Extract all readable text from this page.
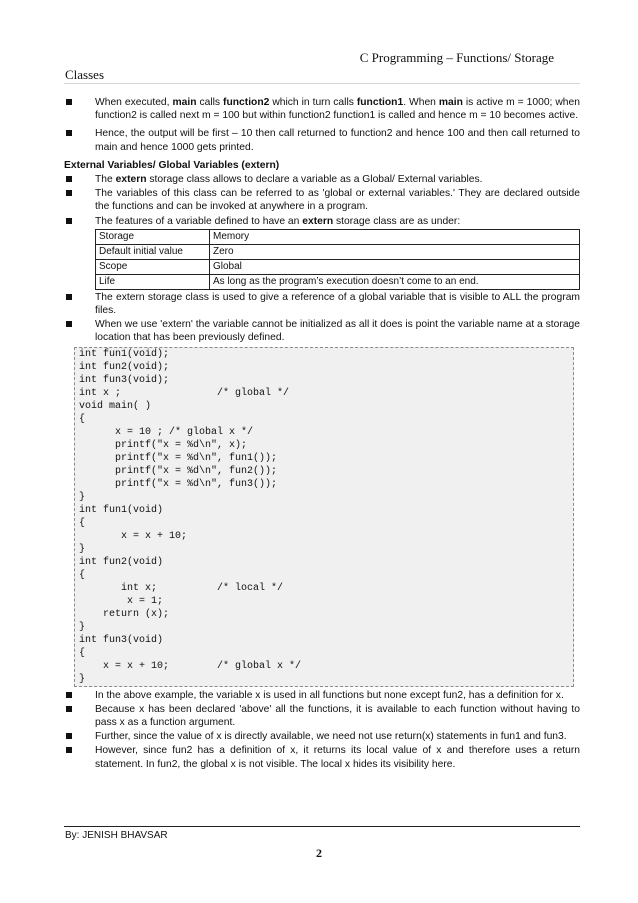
C Programming – Functions/ Storage
Classes
When executed, main calls function2 which in turn calls function1. When main is active m = 1000; when function2 is called next m = 100 but within function2 function1 is called and hence m = 10 becomes active.
Hence, the output will be first – 10 then call returned to function2 and hence 100 and then call returned to main and hence 1000 gets printed.
External Variables/ Global Variables (extern)
The extern storage class allows to declare a variable as a Global/ External variables.
The variables of this class can be referred to as 'global or external variables.' They are declared outside the functions and can be invoked at anywhere in a program.
The features of a variable defined to have an extern storage class are as under:
Storage	Memory
Default initial value	Zero
Scope	Global
Life	As long as the program’s execution doesn’t come to an end.
The extern storage class is used to give a reference of a global variable that is visible to ALL the program files.
When we use 'extern' the variable cannot be initialized as all it does is point the variable name at a storage location that has been previously defined.
int fun1(void);
int fun2(void);
int fun3(void);
int x ;                /* global */
void main( )
{
x = 10 ; /* global x */
printf("x = %d\n", x);
printf("x = %d\n", fun1());
printf("x = %d\n", fun2());
printf("x = %d\n", fun3());
}
int fun1(void)
{
x = x + 10;
}
int fun2(void)
{
int x;          /* local */
x = 1;
return (x);
}
int fun3(void)
{
x = x + 10;        /* global x */
}
In the above example, the variable x is used in all functions but none except fun2, has a definition for x.
Because x has been declared 'above' all the functions, it is available to each function without having to pass x as a function argument.
Further, since the value of x is directly available, we need not use return(x) statements in fun1 and fun3.
However, since fun2 has a definition of x, it returns its local value of x and therefore uses a return statement. In fun2, the global x is not visible. The local x hides its visibility here.
By: JENISH BHAVSAR
2
